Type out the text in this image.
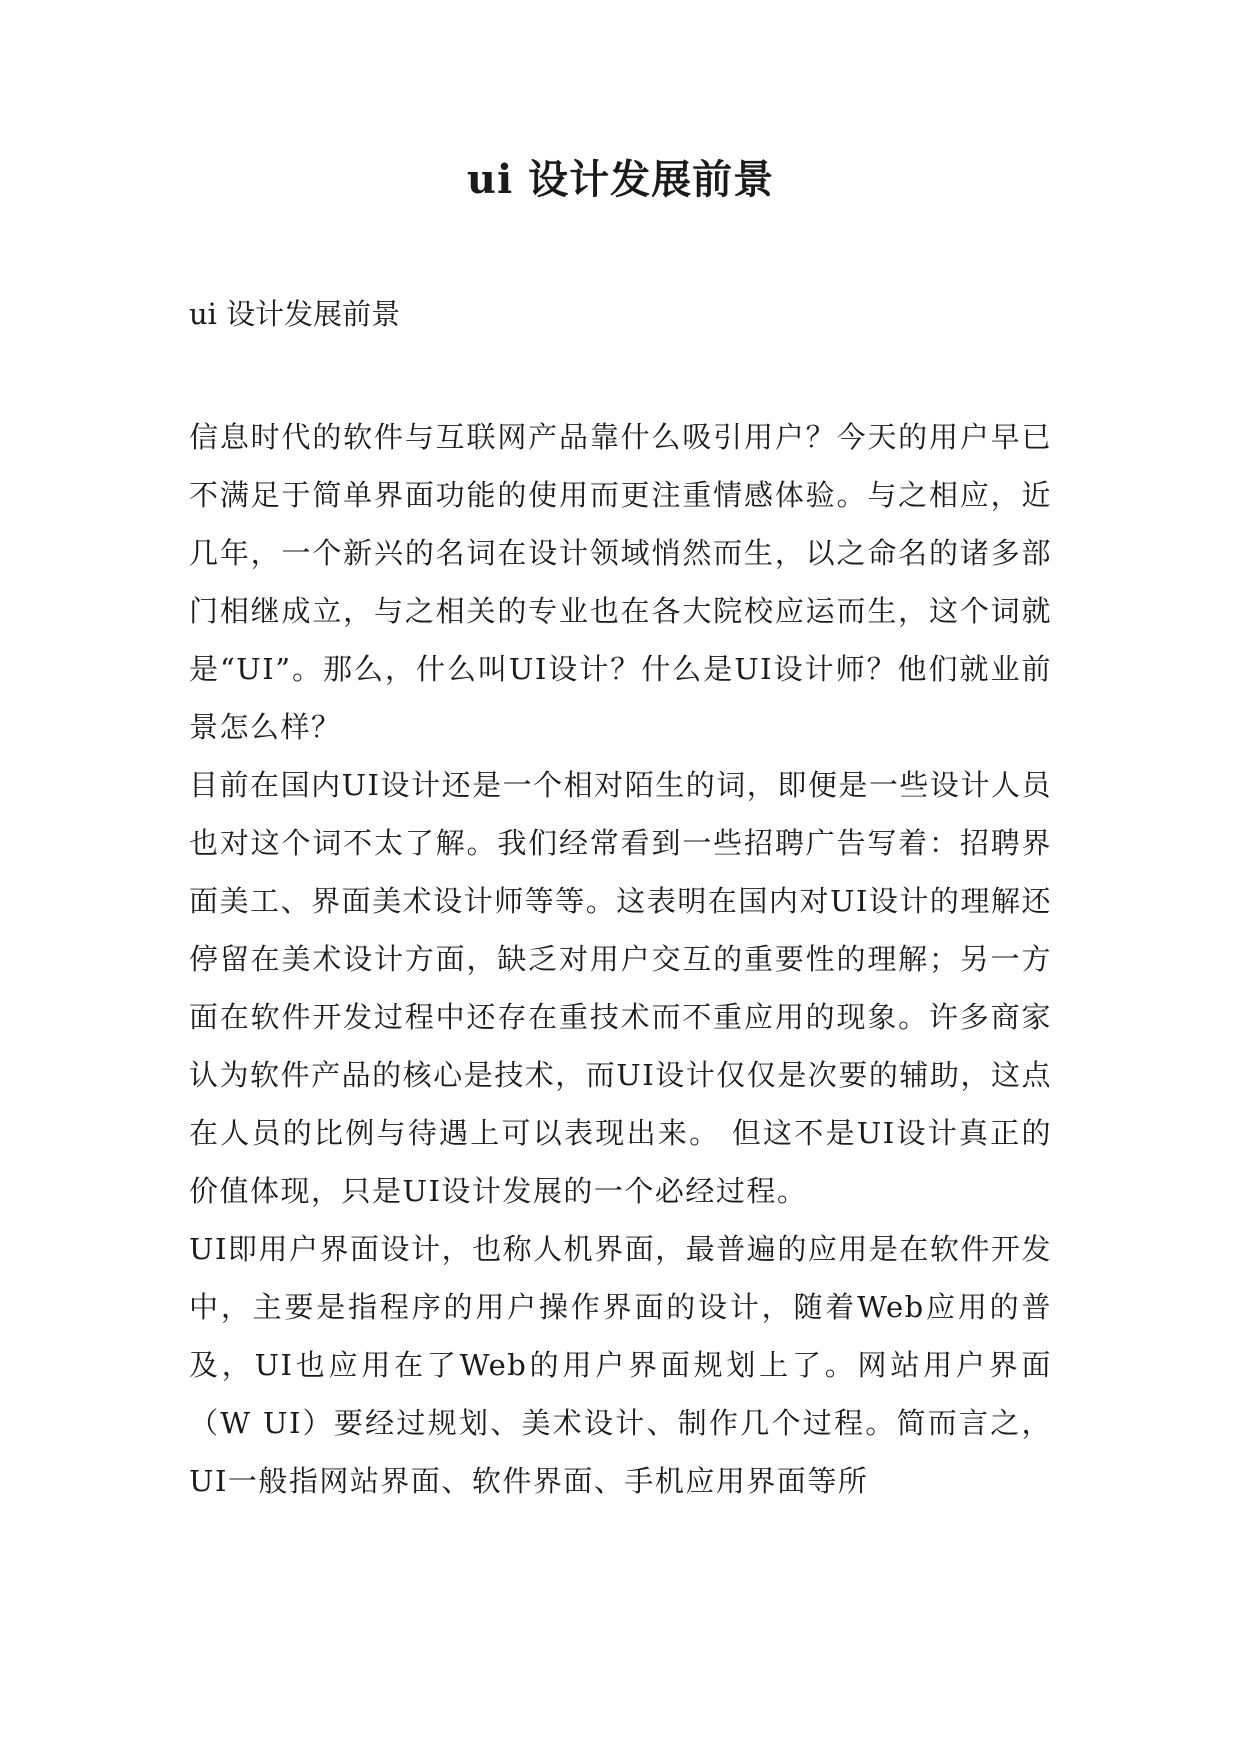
ui 设计发展前景

ui 设计发展前景

信息时代的软件与互联网产品靠什么吸引用户？今天的用户早已不满足于简单界面功能的使用而更注重情感体验。与之相应，近几年，一个新兴的名词在设计领域悄然而生，以之命名的诸多部门相继成立，与之相关的专业也在各大院校应运而生，这个词就是“UI”。那么，什么叫UI设计？什么是UI设计师？他们就业前景怎么样？

目前在国内UI设计还是一个相对陌生的词，即便是一些设计人员也对这个词不太了解。我们经常看到一些招聘广告写着：招聘界面美工、界面美术设计师等等。这表明在国内对UI设计的理解还停留在美术设计方面，缺乏对用户交互的重要性的理解；另一方面在软件开发过程中还存在重技术而不重应用的现象。许多商家认为软件产品的核心是技术，而UI设计仅仅是次要的辅助，这点在人员的比例与待遇上可以表现出来。 但这不是UI设计真正的价值体现，只是UI设计发展的一个必经过程。

UI即用户界面设计，也称人机界面，最普遍的应用是在软件开发中，主要是指程序的用户操作界面的设计，随着Web应用的普及，UI也应用在了Web的用户界面规划上了。网站用户界面（W UI）要经过规划、美术设计、制作几个过程。简而言之，UI一般指网站界面、软件界面、手机应用界面等所
